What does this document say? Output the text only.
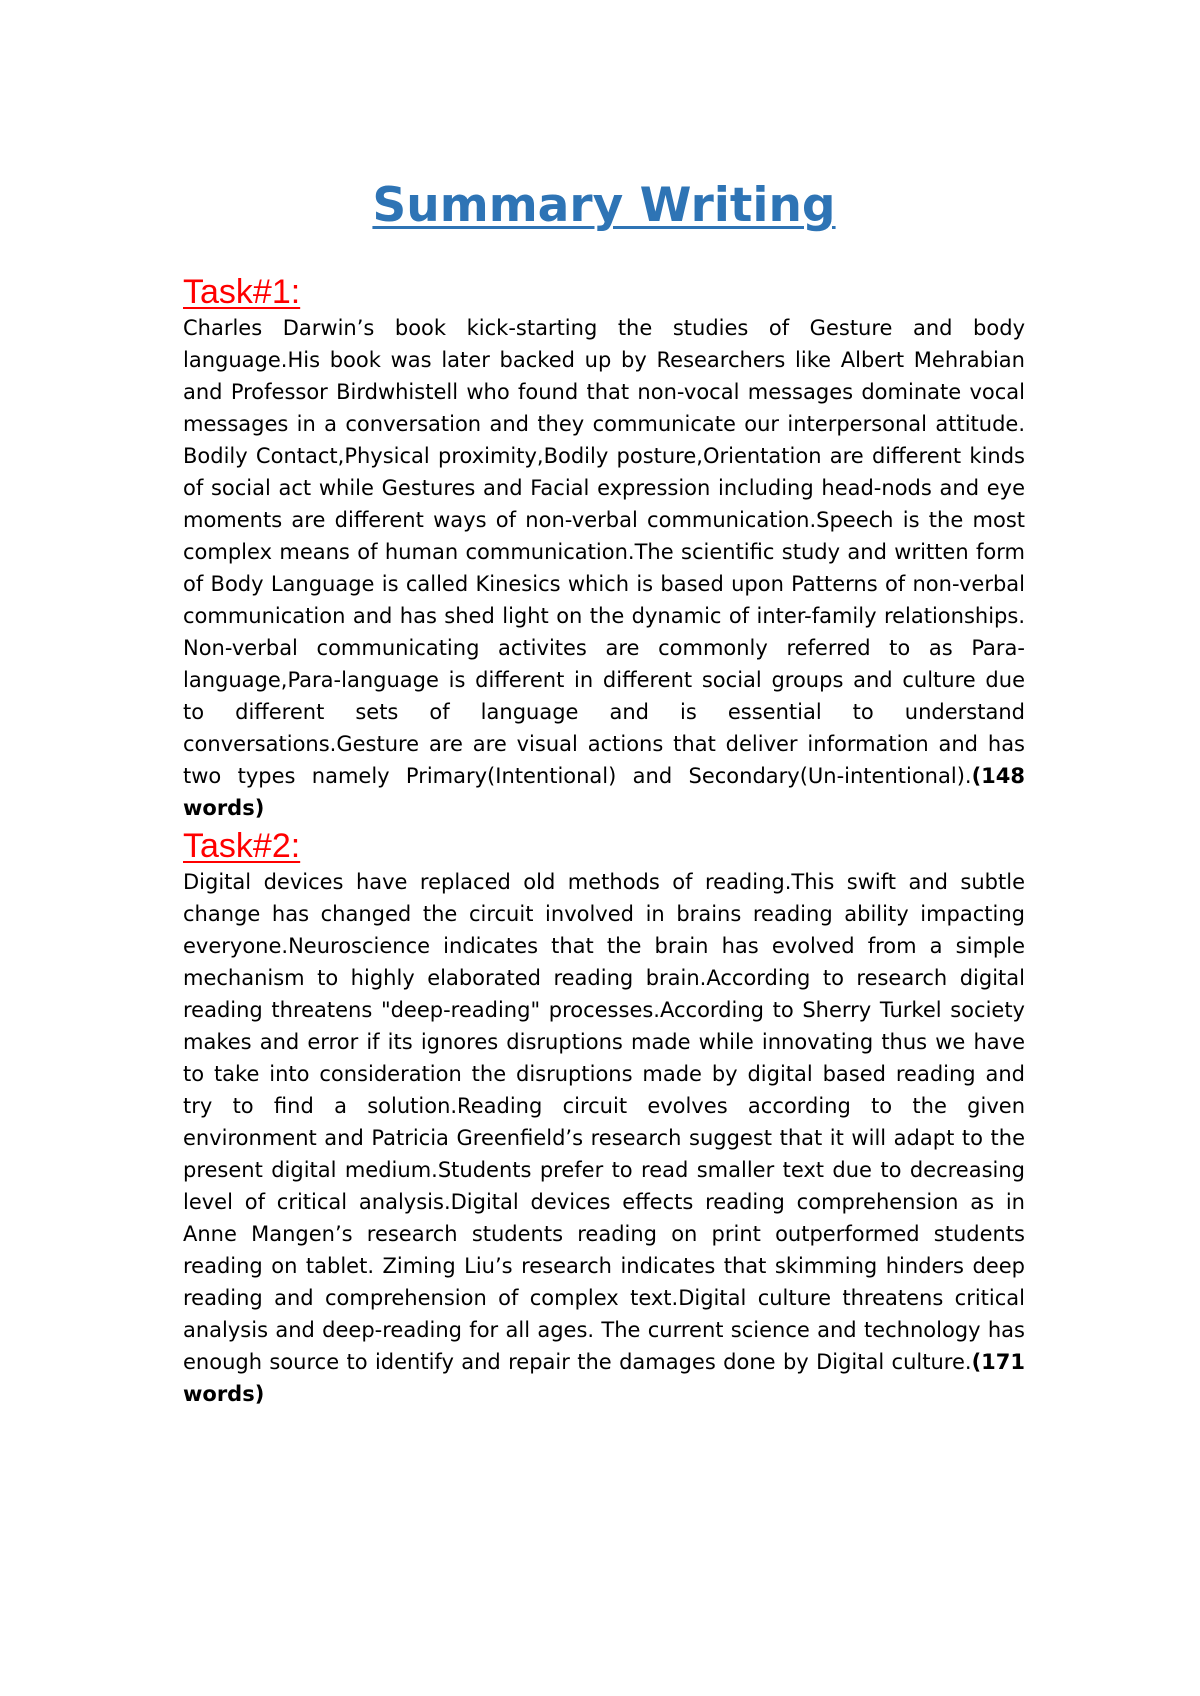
Summary Writing
Task#1:

Charles Darwin’s book kick-starting the studies of Gesture and body language.His book was later backed up by Researchers like Albert Mehrabian and Professor Birdwhistell who found that non-vocal messages dominate vocal messages in a conversation and they communicate our interpersonal attitude. Bodily Contact,Physical proximity,Bodily posture,Orientation are different kinds of social act while Gestures and Facial expression including head-nods and eye moments are different ways of non-verbal communication.Speech is the most complex means of human communication.The scientific study and written form of Body Language is called Kinesics which is based upon Patterns of non-verbal communication and has shed light on the dynamic of inter-family relationships. Non-verbal communicating activites are commonly referred to as Para-language,Para-language is different in different social groups and culture due to different sets of language and is essential to understand conversations.Gesture are are visual actions that deliver information and has two types namely Primary(Intentional) and Secondary(Un-intentional).(148 words)

Task#2:

Digital devices have replaced old methods of reading.This swift and subtle change has changed the circuit involved in brains reading ability impacting everyone.Neuroscience indicates that the brain has evolved from a simple mechanism to highly elaborated reading brain.According to research digital reading threatens "deep-reading" processes.According to Sherry Turkel society makes and error if its ignores disruptions made while innovating thus we have to take into consideration the disruptions made by digital based reading and try to find a solution.Reading circuit evolves according to the given environment and Patricia Greenfield’s research suggest that it will adapt to the present digital medium.Students prefer to read smaller text due to decreasing level of critical analysis.Digital devices effects reading comprehension as in Anne Mangen’s research students reading on print outperformed students reading on tablet. Ziming Liu’s research indicates that skimming hinders deep reading and comprehension of complex text.Digital culture threatens critical analysis and deep-reading for all ages. The current science and technology has enough source to identify and repair the damages done by Digital culture.(171 words)
